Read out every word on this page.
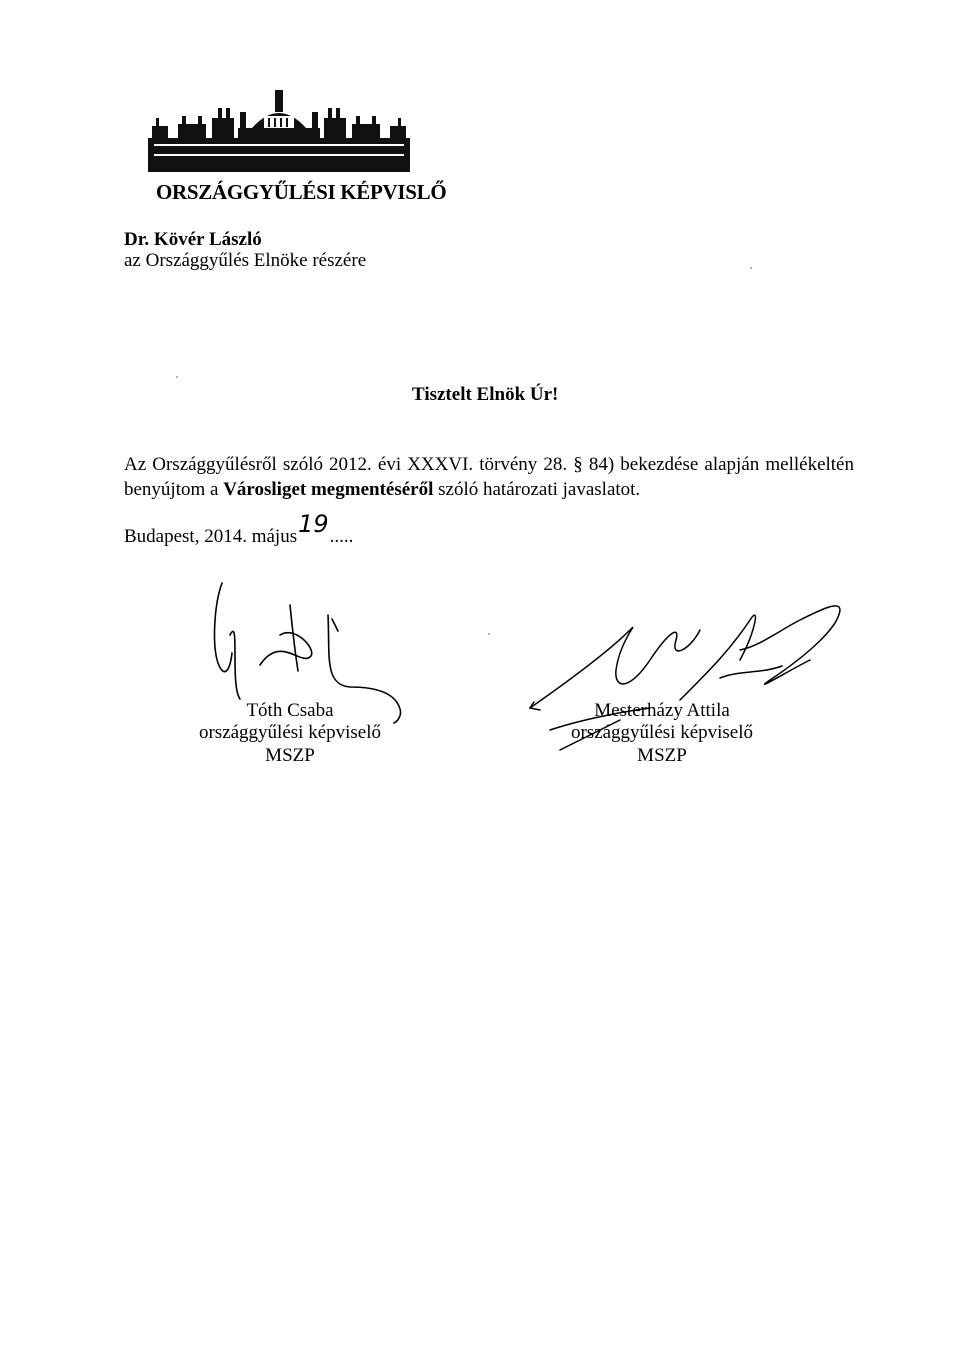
ORSZÁGGYŰLÉSI KÉPVISLŐ
Dr. Kövér László
az Országgyűlés Elnöke részére
Tisztelt Elnök Úr!
Az Országgyűlésről szóló 2012. évi XXXVI. törvény 28. § 84) bekezdése alapján mellékeltén benyújtom a Városliget megmentéséről szóló határozati javaslatot.
Budapest, 2014. május19.....
Tóth Csaba
országgyűlési képviselő
MSZP
Mesterházy Attila
országgyűlési képviselő
MSZP
